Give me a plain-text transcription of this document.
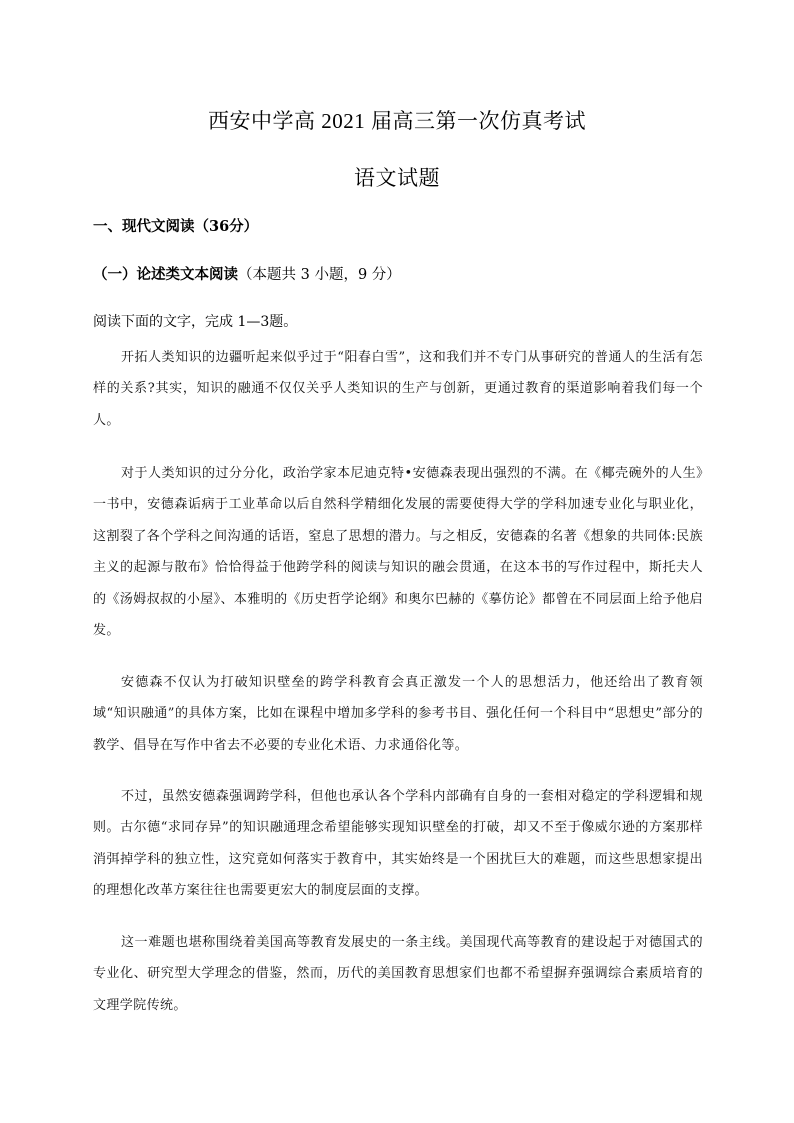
西安中学高 2021 届高三第一次仿真考试
语文试题
一、现代文阅读（36分）
（一）论述类文本阅读（本题共 3 小题，9 分）
阅读下面的文字，完成 1—3题。

开拓人类知识的边疆听起来似乎过于“阳春白雪”，这和我们并不专门从事研究的普通人的生活有怎样的关系?其实，知识的融通不仅仅关乎人类知识的生产与创新，更通过教育的渠道影响着我们每一个人。

对于人类知识的过分分化，政治学家本尼迪克特•安德森表现出强烈的不满。在《椰壳碗外的人生》一书中，安德森诟病于工业革命以后自然科学精细化发展的需要使得大学的学科加速专业化与职业化，这割裂了各个学科之间沟通的话语，窒息了思想的潜力。与之相反，安德森的名著《想象的共同体:民族主义的起源与散布》恰恰得益于他跨学科的阅读与知识的融会贯通，在这本书的写作过程中，斯托夫人的《汤姆叔叔的小屋》、本雅明的《历史哲学论纲》和奥尔巴赫的《摹仿论》都曾在不同层面上给予他启发。

安德森不仅认为打破知识壁垒的跨学科教育会真正激发一个人的思想活力，他还给出了教育领域“知识融通”的具体方案，比如在课程中增加多学科的参考书目、强化任何一个科目中“思想史”部分的教学、倡导在写作中省去不必要的专业化术语、力求通俗化等。

不过，虽然安德森强调跨学科，但他也承认各个学科内部确有自身的一套相对稳定的学科逻辑和规则。古尔德“求同存异”的知识融通理念希望能够实现知识壁垒的打破，却又不至于像威尔逊的方案那样消弭掉学科的独立性，这究竟如何落实于教育中，其实始终是一个困扰巨大的难题，而这些思想家提出的理想化改革方案往往也需要更宏大的制度层面的支撑。

这一难题也堪称围绕着美国高等教育发展史的一条主线。美国现代高等教育的建设起于对德国式的专业化、研究型大学理念的借鉴，然而，历代的美国教育思想家们也都不希望摒弃强调综合素质培育的文理学院传统。
